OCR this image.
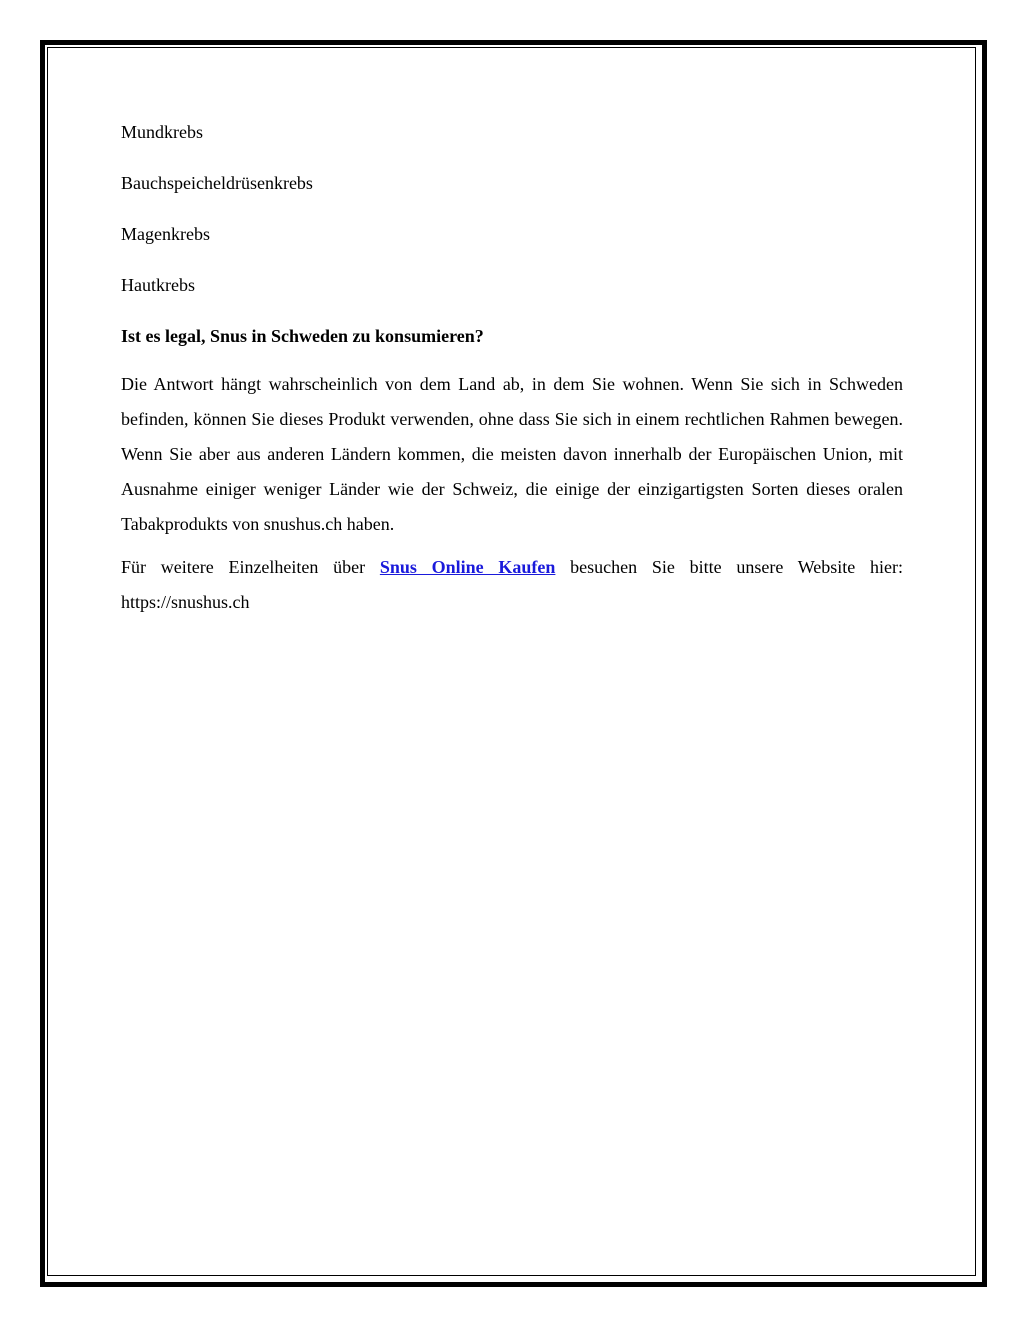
Mundkrebs

Bauchspeicheldrüsenkrebs

Magenkrebs

Hautkrebs

Ist es legal, Snus in Schweden zu konsumieren?

Die Antwort hängt wahrscheinlich von dem Land ab, in dem Sie wohnen. Wenn Sie sich in Schweden befinden, können Sie dieses Produkt verwenden, ohne dass Sie sich in einem rechtlichen Rahmen bewegen. Wenn Sie aber aus anderen Ländern kommen, die meisten davon innerhalb der Europäischen Union, mit Ausnahme einiger weniger Länder wie der Schweiz, die einige der einzigartigsten Sorten dieses oralen Tabakprodukts von snushus.ch haben.

Für weitere Einzelheiten über Snus Online Kaufen besuchen Sie bitte unsere Website hier: https://snushus.ch
